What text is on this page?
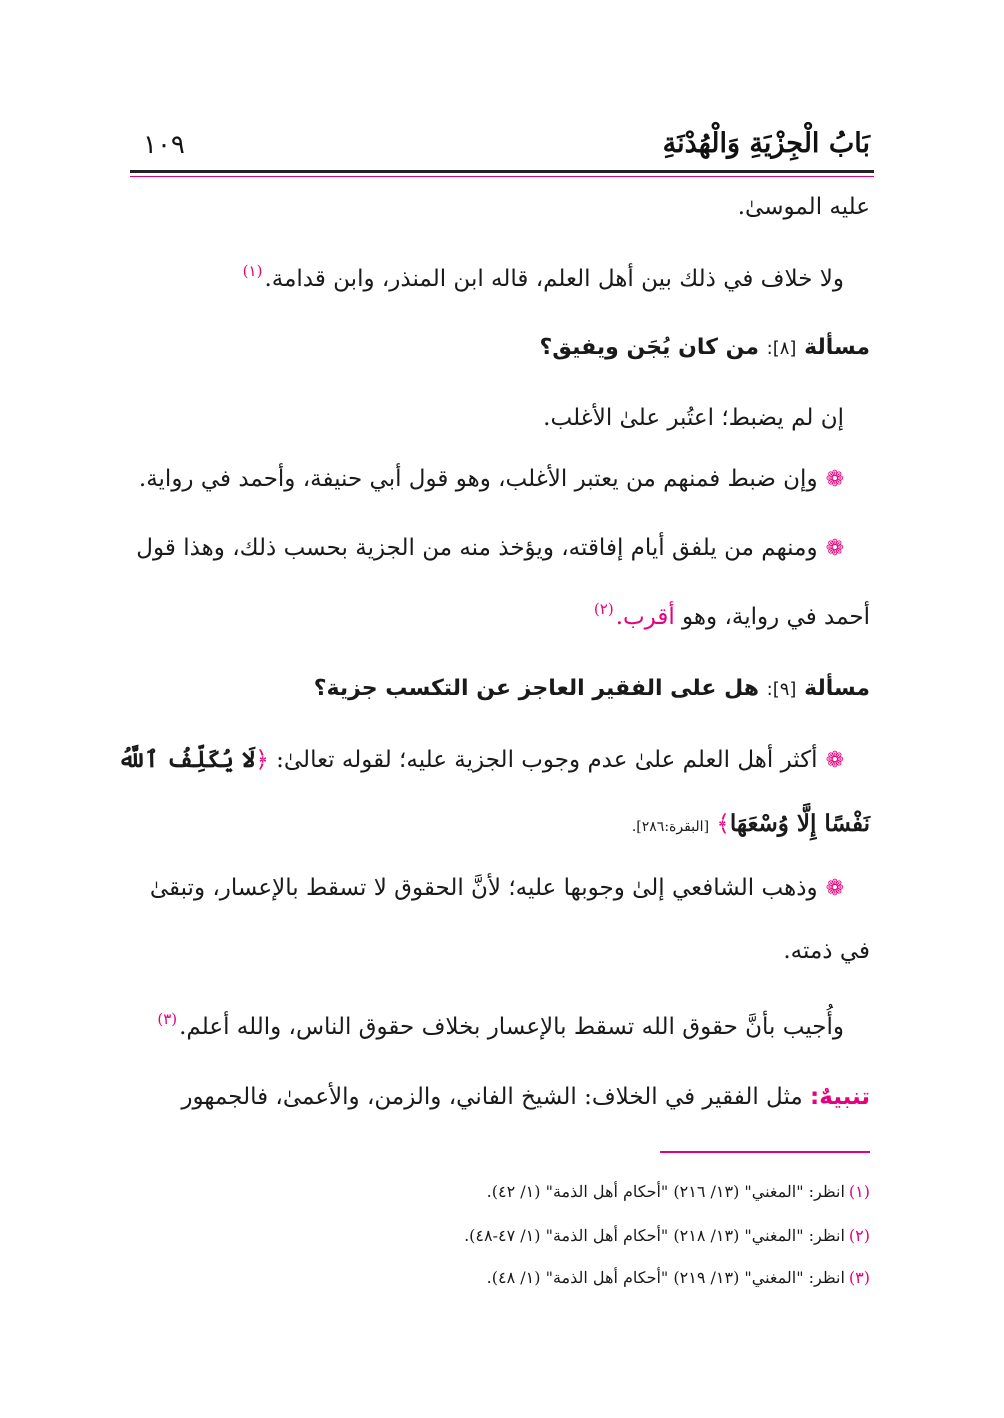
بَابُ الْجِزْيَةِ وَالْهُدْنَةِ
١٠٩
عليه الموسىٰ.
ولا خلاف في ذلك بين أهل العلم، قاله ابن المنذر، وابن قدامة.$^{(١)}$
مسألة [٨]: من كان يُجَن ويفيق؟
إن لم يضبط؛ اعتُبر علىٰ الأغلب.
❁وإن ضبط فمنهم من يعتبر الأغلب، وهو قول أبي حنيفة، وأحمد في رواية.
❁ومنهم من يلفق أيام إفاقته، ويؤخذ منه من الجزية بحسب ذلك، وهذا قول
أحمد في رواية، وهو أقرب.$^{(٢)}$
مسألة [٩]: هل على الفقير العاجز عن التكسب جزية؟
❁أكثر أهل العلم علىٰ عدم وجوب الجزية عليه؛ لقوله تعالىٰ: ﴿لَا يُكَلِّفُ ٱللَّهُ
نَفْسًا إِلَّا وُسْعَهَا﴾ [البقرة:٢٨٦].
❁وذهب الشافعي إلىٰ وجوبها عليه؛ لأنَّ الحقوق لا تسقط بالإعسار، وتبقىٰ
في ذمته.
وأُجيب بأنَّ حقوق الله تسقط بالإعسار بخلاف حقوق الناس، والله أعلم.$^{(٣)}$
تنبيهٌ: مثل الفقير في الخلاف: الشيخ الفاني، والزمن، والأعمىٰ، فالجمهور
(١)انظر: "المغني" (١٣/ ٢١٦) "أحكام أهل الذمة" (١/ ٤٢).
(٢)انظر: "المغني" (١٣/ ٢١٨) "أحكام أهل الذمة" (١/ ٤٧-٤٨).
(٣)انظر: "المغني" (١٣/ ٢١٩) "أحكام أهل الذمة" (١/ ٤٨).
